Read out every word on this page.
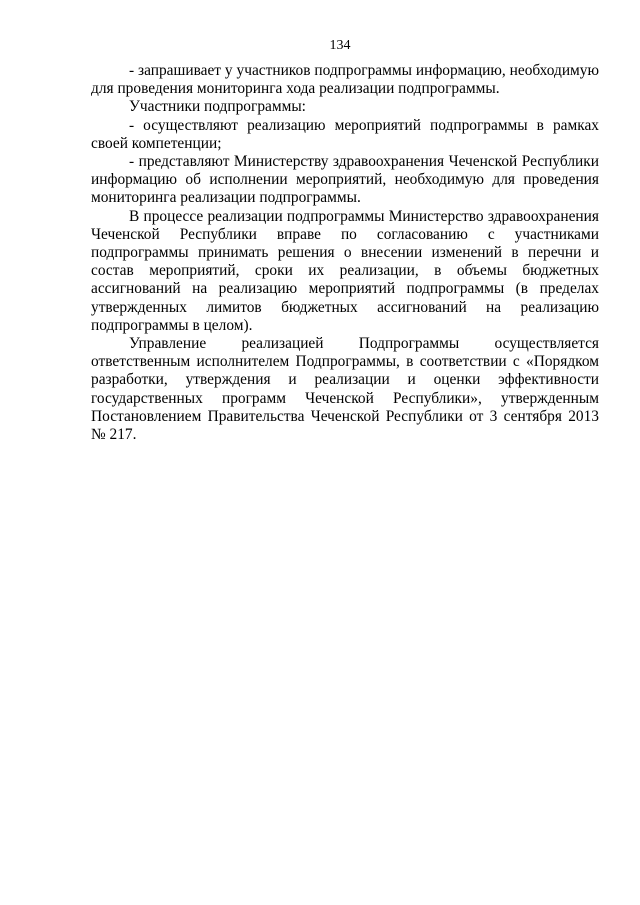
134

- запрашивает у участников подпрограммы информацию, необходимую для проведения мониторинга хода реализации подпрограммы.

Участники подпрограммы:

- осуществляют реализацию мероприятий подпрограммы в рамках своей компетенции;

- представляют Министерству здравоохранения Чеченской Республики информацию об исполнении мероприятий, необходимую для проведения мониторинга реализации подпрограммы.

В процессе реализации подпрограммы Министерство здравоохранения Чеченской Республики вправе по согласованию с участниками подпрограммы принимать решения о внесении изменений в перечни и состав мероприятий, сроки их реализации, в объемы бюджетных ассигнований на реализацию мероприятий подпрограммы (в пределах утвержденных лимитов бюджетных ассигнований на реализацию подпрограммы в целом).

Управление реализацией Подпрограммы осуществляется ответственным исполнителем Подпрограммы, в соответствии с «Порядком разработки, утверждения и реализации и оценки эффективности государственных программ Чеченской Республики», утвержденным Постановлением Правительства Чеченской Республики от 3 сентября 2013 № 217.
